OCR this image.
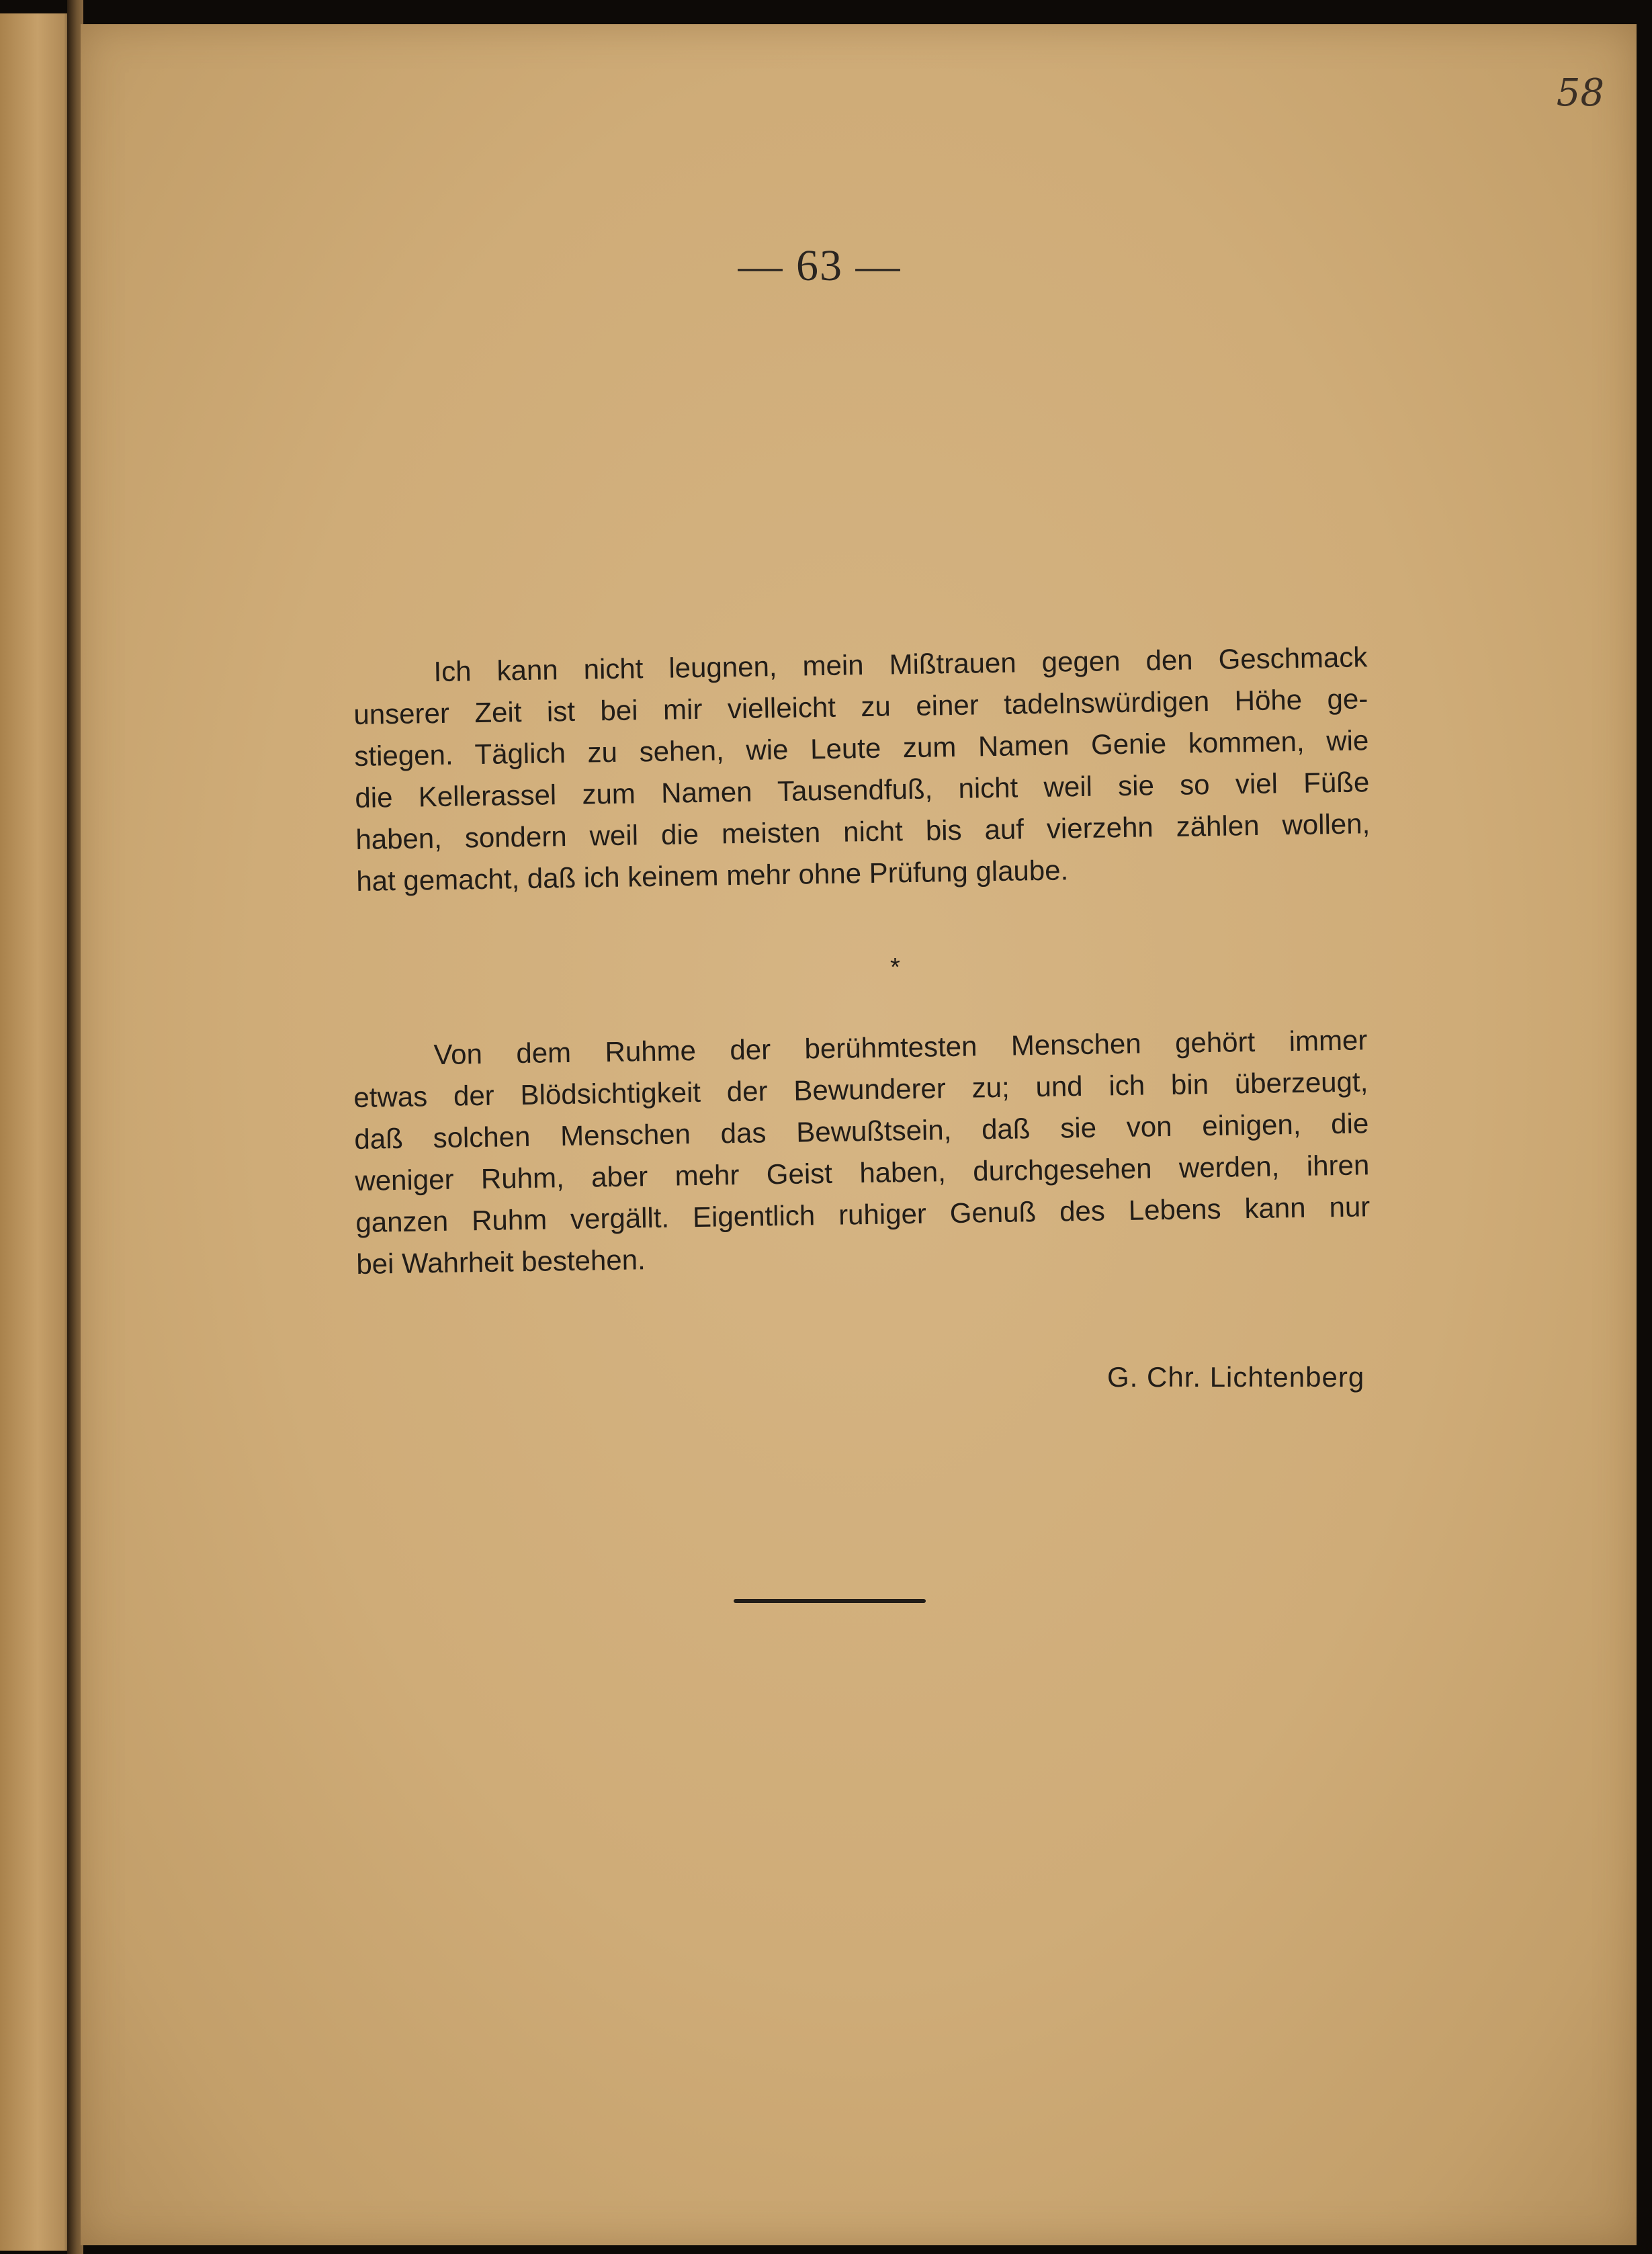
58
— 63 —
Ich kann nicht leugnen, mein Mißtrauen gegen den Geschmack
unserer Zeit ist bei mir vielleicht zu einer tadelnswürdigen Höhe ge-
stiegen. Täglich zu sehen, wie Leute zum Namen Genie kommen, wie
die Kellerassel zum Namen Tausendfuß, nicht weil sie so viel Füße
haben, sondern weil die meisten nicht bis auf vierzehn zählen wollen,
hat gemacht, daß ich keinem mehr ohne Prüfung glaube.
*
Von dem Ruhme der berühmtesten Menschen gehört immer
etwas der Blödsichtigkeit der Bewunderer zu; und ich bin überzeugt,
daß solchen Menschen das Bewußtsein, daß sie von einigen, die
weniger Ruhm, aber mehr Geist haben, durchgesehen werden, ihren
ganzen Ruhm vergällt. Eigentlich ruhiger Genuß des Lebens kann nur
bei Wahrheit bestehen.
G. Chr. Lichtenberg
